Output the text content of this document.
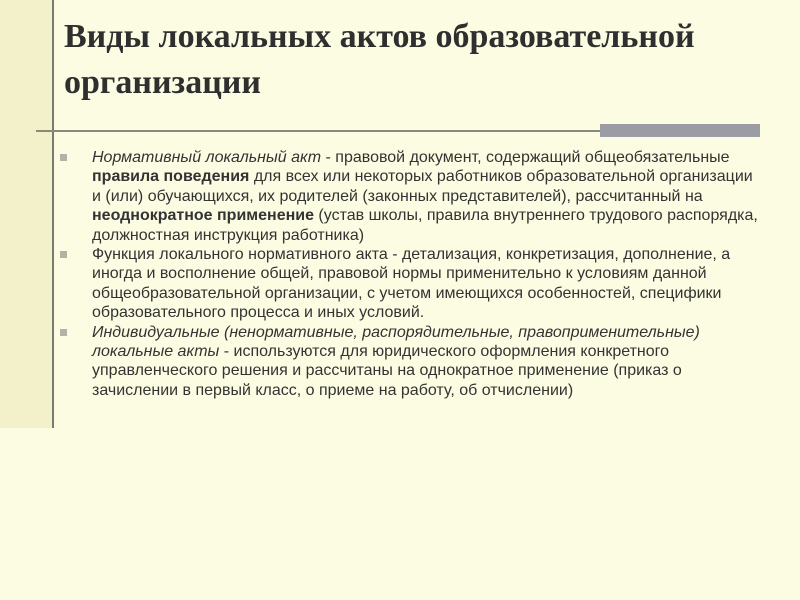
Виды локальных актов образовательной организации
Нормативный локальный акт - правовой документ, содержащий общеобязательные правила поведения для всех или некоторых работников образовательной организации и (или) обучающихся, их родителей (законных представителей), рассчитанный на неоднократное применение (устав школы, правила внутреннего трудового распорядка, должностная инструкция работника)
Функция локального нормативного акта - детализация, конкретизация, дополнение, а иногда и восполнение общей, правовой нормы применительно к условиям данной общеобразовательной организации, с учетом имеющихся особенностей, специфики образовательного процесса и иных условий.
Индивидуальные (ненормативные, распорядительные, правоприменительные) локальные акты - используются для юридического оформления конкретного управленческого решения и рассчитаны на однократное применение (приказ о зачислении в первый класс, о приеме на работу, об отчислении)
